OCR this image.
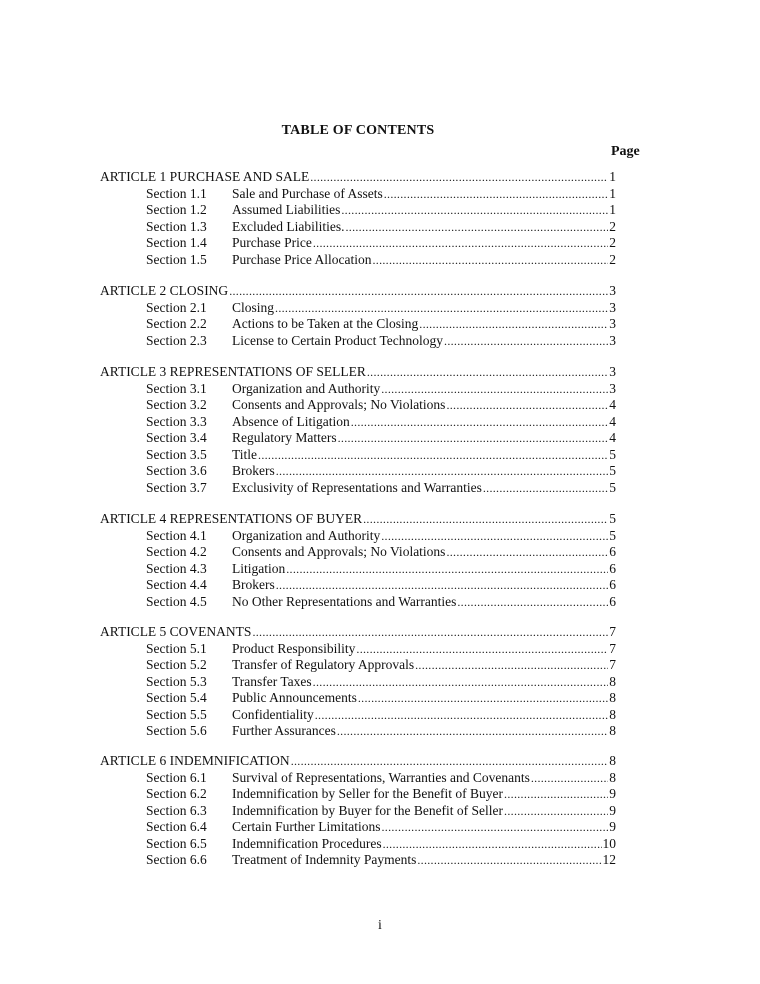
TABLE OF CONTENTS
Page
ARTICLE 1 PURCHASE AND SALE .....	1
Section 1.1	Sale and Purchase of Assets .....	1
Section 1.2	Assumed Liabilities .....	1
Section 1.3	Excluded Liabilities. .....	2
Section 1.4	Purchase Price .....	2
Section 1.5	Purchase Price Allocation .....	2
ARTICLE 2 CLOSING .....	3
Section 2.1	Closing .....	3
Section 2.2	Actions to be Taken at the Closing .....	3
Section 2.3	License to Certain Product Technology .....	3
ARTICLE 3 REPRESENTATIONS OF SELLER .....	3
Section 3.1	Organization and Authority .....	3
Section 3.2	Consents and Approvals; No Violations .....	4
Section 3.3	Absence of Litigation .....	4
Section 3.4	Regulatory Matters .....	4
Section 3.5	Title .....	5
Section 3.6	Brokers .....	5
Section 3.7	Exclusivity of Representations and Warranties .....	5
ARTICLE 4 REPRESENTATIONS OF BUYER .....	5
Section 4.1	Organization and Authority .....	5
Section 4.2	Consents and Approvals; No Violations .....	6
Section 4.3	Litigation .....	6
Section 4.4	Brokers .....	6
Section 4.5	No Other Representations and Warranties .....	6
ARTICLE 5 COVENANTS .....	7
Section 5.1	Product Responsibility .....	7
Section 5.2	Transfer of Regulatory Approvals .....	7
Section 5.3	Transfer Taxes .....	8
Section 5.4	Public Announcements .....	8
Section 5.5	Confidentiality .....	8
Section 5.6	Further Assurances .....	8
ARTICLE 6 INDEMNIFICATION .....	8
Section 6.1	Survival of Representations, Warranties and Covenants .....	8
Section 6.2	Indemnification by Seller for the Benefit of Buyer .....	9
Section 6.3	Indemnification by Buyer for the Benefit of Seller .....	9
Section 6.4	Certain Further Limitations .....	9
Section 6.5	Indemnification Procedures .....	10
Section 6.6	Treatment of Indemnity Payments .....	12
i
